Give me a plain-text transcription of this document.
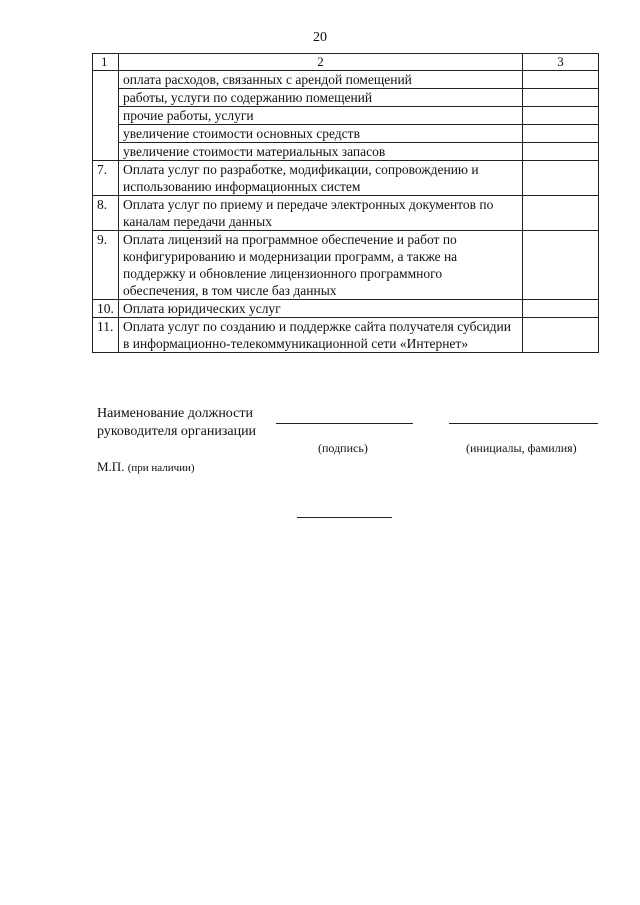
20
1	2	3
	оплата расходов, связанных с арендой помещений	
	работы, услуги по содержанию помещений	
	прочие работы, услуги	
	увеличение стоимости основных средств	
	увеличение стоимости материальных запасов	
7.	Оплата услуг по разработке, модификации, сопровождению и использованию информационных систем	
8.	Оплата услуг по приему и передаче электронных документов по каналам передачи данных	
9.	Оплата лицензий на программное обеспечение и работ по конфигурированию и модернизации программ, а также на поддержку и обновление лицензионного программного обеспечения, в том числе баз данных	
10.	Оплата юридических услуг	
11.	Оплата услуг по созданию и поддержке сайта получателя субсидии в информационно-телекоммуникационной сети «Интернет»	
Наименование должности
руководителя организации
(подпись)	(инициалы, фамилия)
М.П. (при наличии)
